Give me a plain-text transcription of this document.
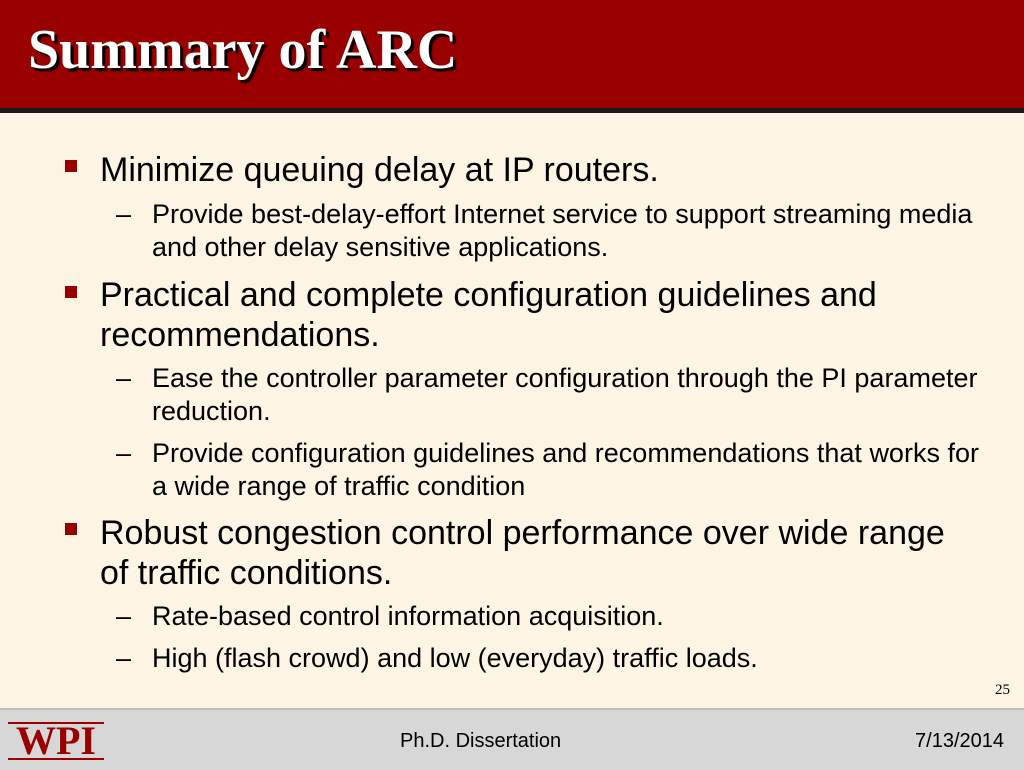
Summary of ARC
Minimize queuing delay at IP routers.
– Provide best-delay-effort Internet service to support streaming media and other delay sensitive applications.
Practical and complete configuration guidelines and recommendations.
– Ease the controller parameter configuration through the PI parameter reduction.
– Provide configuration guidelines and recommendations that works for a wide range of traffic condition
Robust congestion control performance over wide range of traffic conditions.
– Rate-based control information acquisition.
– High (flash crowd) and low (everyday) traffic loads.
25
WPI	Ph.D. Dissertation	7/13/2014
